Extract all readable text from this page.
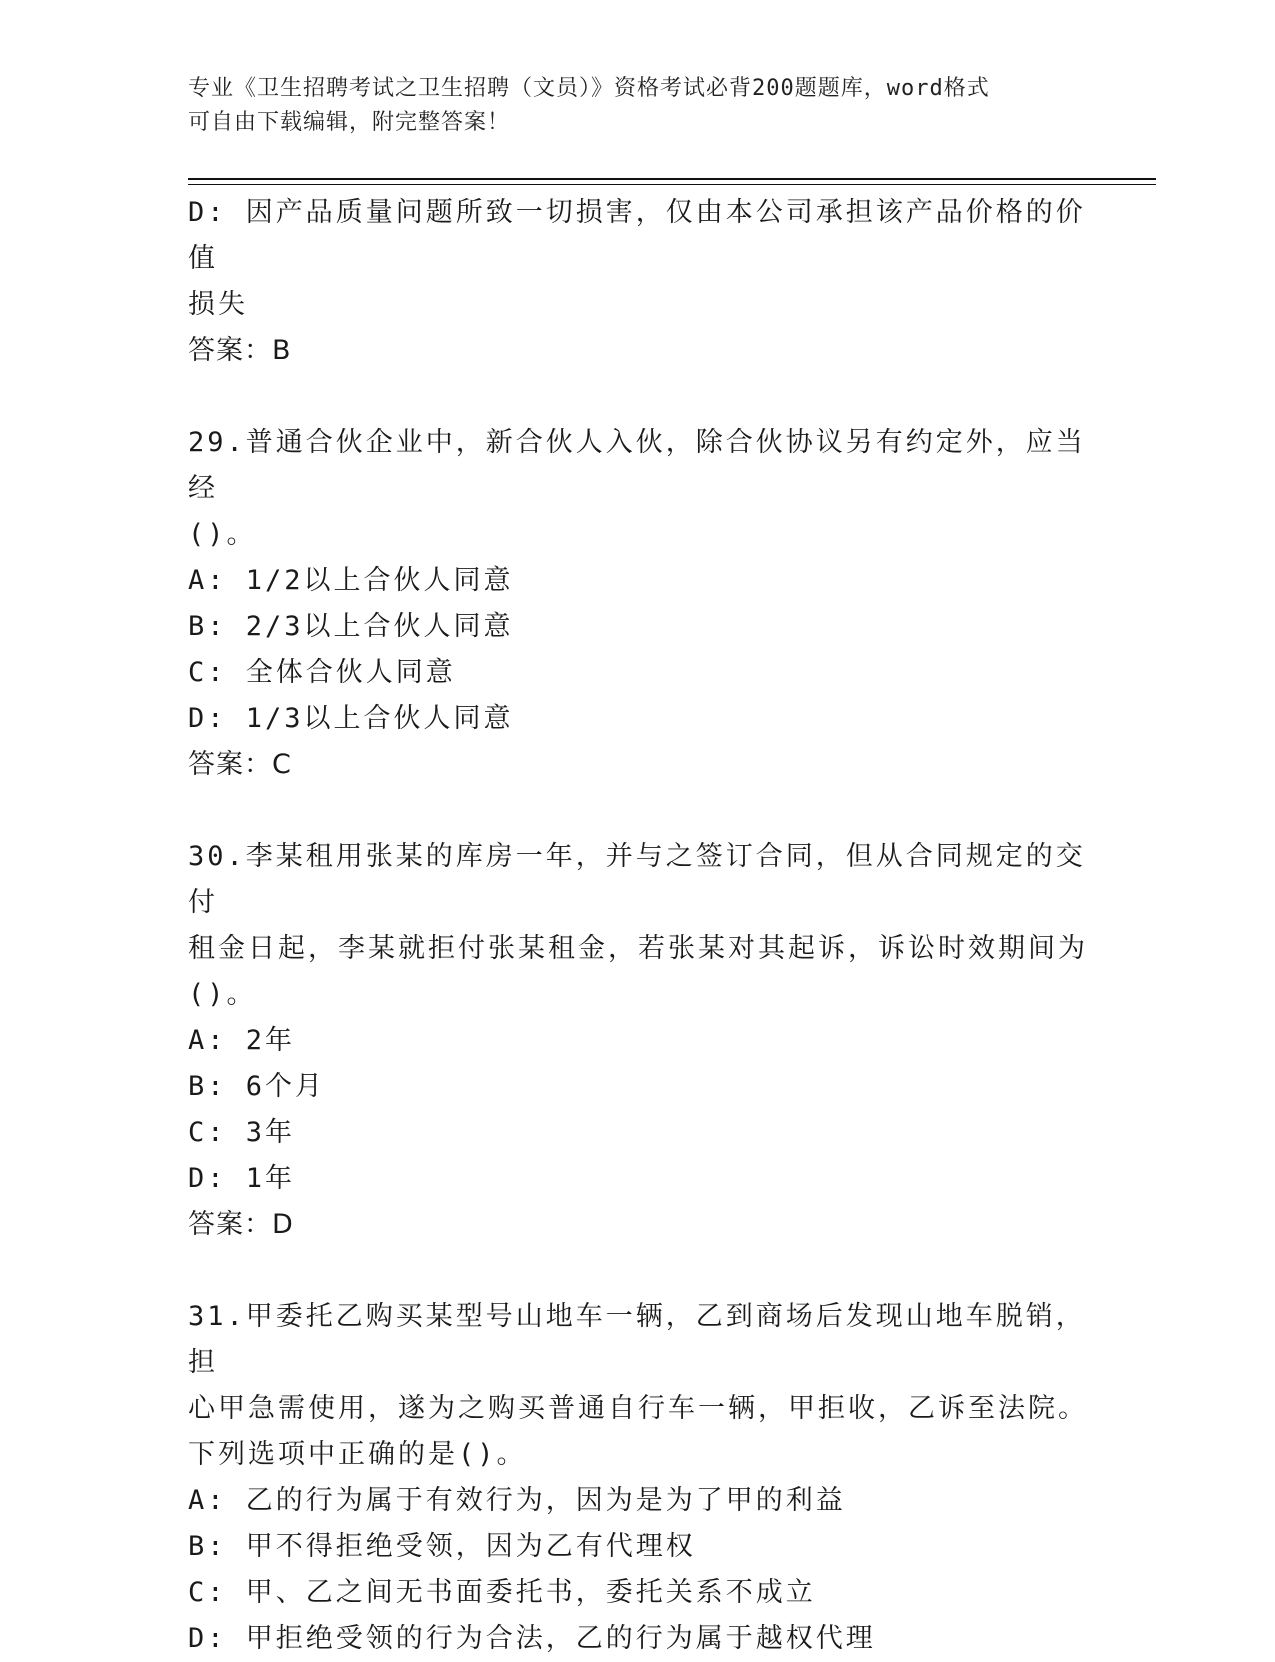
专业《卫生招聘考试之卫生招聘（文员）》资格考试必背200题题库，word格式
可自由下载编辑，附完整答案！
D: 因产品质量问题所致一切损害，仅由本公司承担该产品价格的价值
损失
答案：B
29.普通合伙企业中，新合伙人入伙，除合伙协议另有约定外，应当经
()。
A: 1/2以上合伙人同意
B: 2/3以上合伙人同意
C: 全体合伙人同意
D: 1/3以上合伙人同意
答案：C
30.李某租用张某的库房一年，并与之签订合同，但从合同规定的交付
租金日起，李某就拒付张某租金，若张某对其起诉，诉讼时效期间为
()。
A: 2年
B: 6个月
C: 3年
D: 1年
答案：D
31.甲委托乙购买某型号山地车一辆，乙到商场后发现山地车脱销，担
心甲急需使用，遂为之购买普通自行车一辆，甲拒收，乙诉至法院。
下列选项中正确的是()。
A: 乙的行为属于有效行为，因为是为了甲的利益
B: 甲不得拒绝受领，因为乙有代理权
C: 甲、乙之间无书面委托书，委托关系不成立
D: 甲拒绝受领的行为合法，乙的行为属于越权代理
